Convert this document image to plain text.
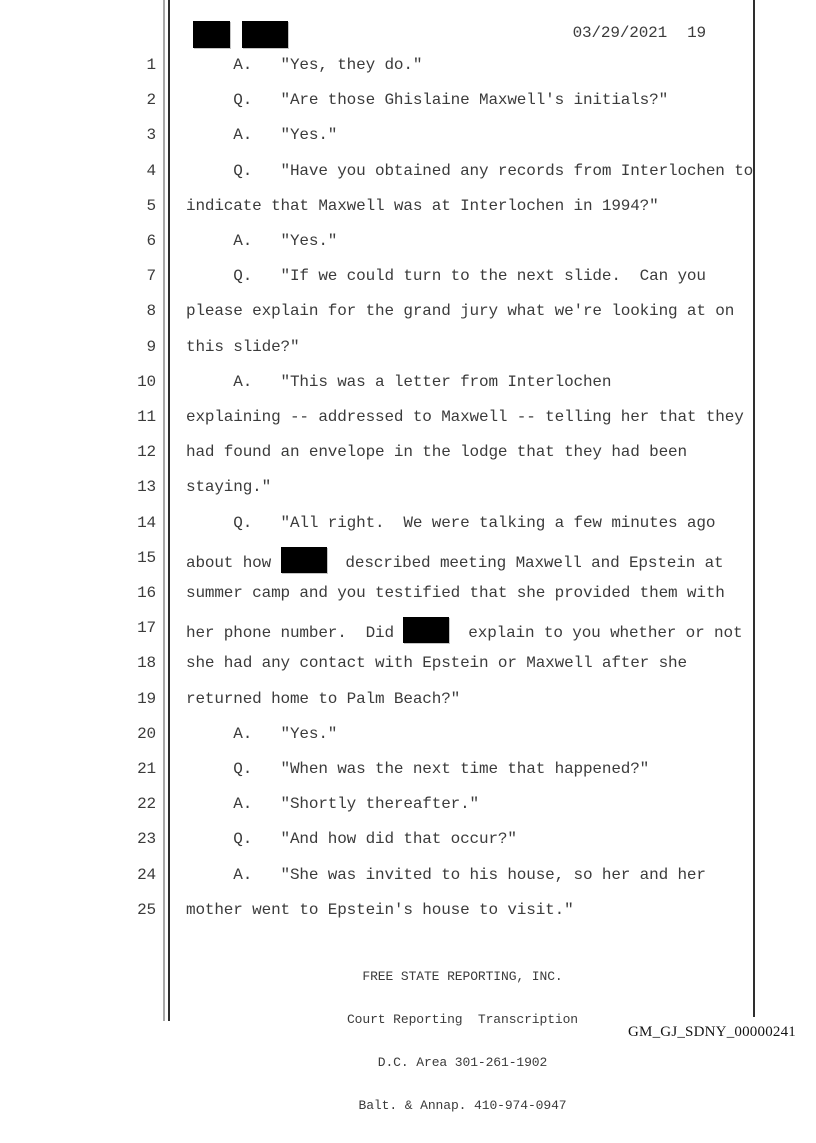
03/29/2021 19
1 A.   "Yes, they do."
2 Q.   "Are those Ghislaine Maxwell's initials?"
3 A.   "Yes."
4 Q.   "Have you obtained any records from Interlochen to
5 indicate that Maxwell was at Interlochen in 1994?"
6 A.   "Yes."
7 Q.   "If we could turn to the next slide.  Can you
8 please explain for the grand jury what we're looking at on
9 this slide?"
10 A.   "This was a letter from Interlochen
11 explaining -- addressed to Maxwell -- telling her that they
12 had found an envelope in the lodge that they had been
13 staying."
14 Q.   "All right.  We were talking a few minutes ago
15 about how	described meeting Maxwell and Epstein at
16 summer camp and you testified that she provided them with
17 her phone number.  Did	explain to you whether or not
18 she had any contact with Epstein or Maxwell after she
19 returned home to Palm Beach?"
20 A.   "Yes."
21 Q.   "When was the next time that happened?"
22 A.   "Shortly thereafter."
23 Q.   "And how did that occur?"
24 A.   "She was invited to his house, so her and her
25 mother went to Epstein's house to visit."

FREE STATE REPORTING, INC.

Court Reporting  Transcription

D.C. Area 301-261-1902

Balt. & Annap. 410-974-0947

GM_GJ_SDNY_00000241
